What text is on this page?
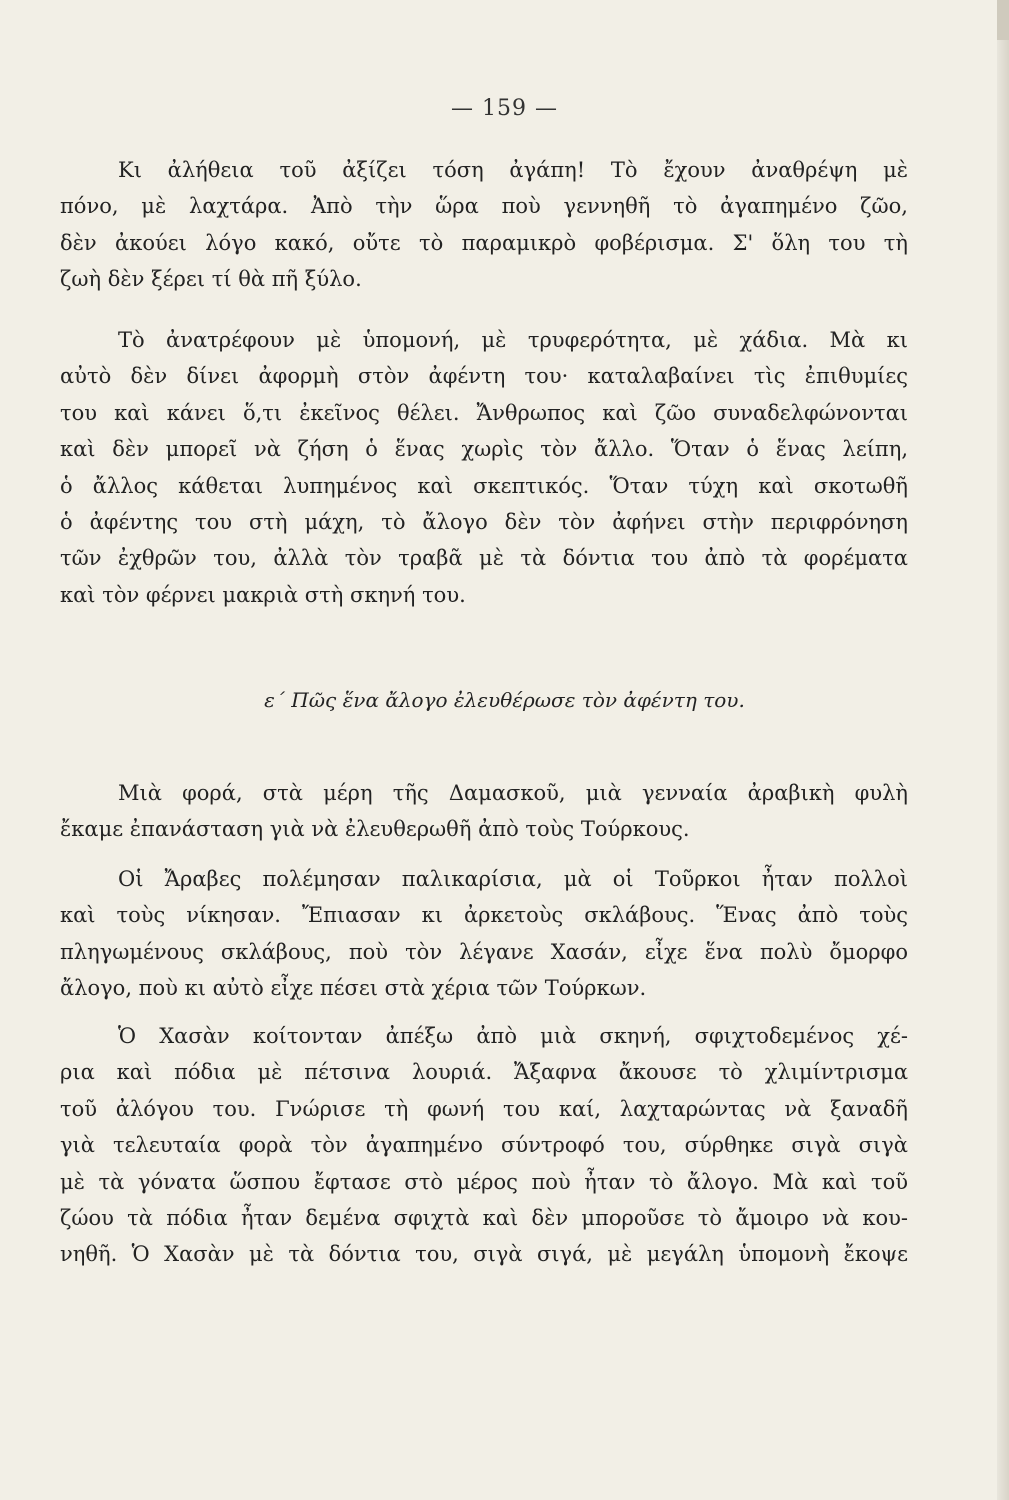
— 159 —
Κι ἀλήθεια τοῦ ἀξίζει τόση ἀγάπη! Τὸ ἔχουν ἀναθρέψη μὲ
πόνο, μὲ λαχτάρα. Ἀπὸ τὴν ὥρα ποὺ γεννηθῆ τὸ ἀγαπημένο ζῶο,
δὲν ἀκούει λόγο κακό, οὔτε τὸ παραμικρὸ φοβέρισμα. Σ' ὅλη του τὴ
ζωὴ δὲν ξέρει τί θὰ πῆ ξύλο.
Τὸ ἀνατρέφουν μὲ ὑπομονή, μὲ τρυφερότητα, μὲ χάδια. Μὰ κι
αὐτὸ δὲν δίνει ἀφορμὴ στὸν ἀφέντη του· καταλαβαίνει τὶς ἐπιθυμίες
του καὶ κάνει ὅ,τι ἐκεῖνος θέλει. Ἄνθρωπος καὶ ζῶο συναδελφώνονται
καὶ δὲν μπορεῖ νὰ ζήση ὁ ἕνας χωρὶς τὸν ἄλλο. Ὅταν ὁ ἕνας λείπη,
ὁ ἄλλος κάθεται λυπημένος καὶ σκεπτικός. Ὅταν τύχη καὶ σκοτωθῆ
ὁ ἀφέντης του στὴ μάχη, τὸ ἄλογο δὲν τὸν ἀφήνει στὴν περιφρόνηση
τῶν ἐχθρῶν του, ἀλλὰ τὸν τραβᾶ μὲ τὰ δόντια του ἀπὸ τὰ φορέματα
καὶ τὸν φέρνει μακριὰ στὴ σκηνή του.
ε´ Πῶς ἕνα ἄλογο ἐλευθέρωσε τὸν ἀφέντη του.
Μιὰ φορά, στὰ μέρη τῆς Δαμασκοῦ, μιὰ γενναία ἀραβικὴ φυλὴ
ἔκαμε ἐπανάσταση γιὰ νὰ ἐλευθερωθῆ ἀπὸ τοὺς Τούρκους.
Οἱ Ἄραβες πολέμησαν παλικαρίσια, μὰ οἱ Τοῦρκοι ἦταν πολλοὶ
καὶ τοὺς νίκησαν. Ἔπιασαν κι ἀρκετοὺς σκλάβους. Ἕνας ἀπὸ τοὺς
πληγωμένους σκλάβους, ποὺ τὸν λέγανε Χασάν, εἶχε ἕνα πολὺ ὄμορφο
ἄλογο, ποὺ κι αὐτὸ εἶχε πέσει στὰ χέρια τῶν Τούρκων.
Ὁ Χασὰν κοίτονταν ἀπέξω ἀπὸ μιὰ σκηνή, σφιχτοδεμένος χέ-
ρια καὶ πόδια μὲ πέτσινα λουριά. Ἄξαφνα ἄκουσε τὸ χλιμίντρισμα
τοῦ ἀλόγου του. Γνώρισε τὴ φωνή του καί, λαχταρώντας νὰ ξαναδῆ
γιὰ τελευταία φορὰ τὸν ἀγαπημένο σύντροφό του, σύρθηκε σιγὰ σιγὰ
μὲ τὰ γόνατα ὥσπου ἔφτασε στὸ μέρος ποὺ ἦταν τὸ ἄλογο. Μὰ καὶ τοῦ
ζώου τὰ πόδια ἦταν δεμένα σφιχτὰ καὶ δὲν μποροῦσε τὸ ἄμοιρο νὰ κου-
νηθῆ. Ὁ Χασὰν μὲ τὰ δόντια του, σιγὰ σιγά, μὲ μεγάλη ὑπομονὴ ἔκοψε
